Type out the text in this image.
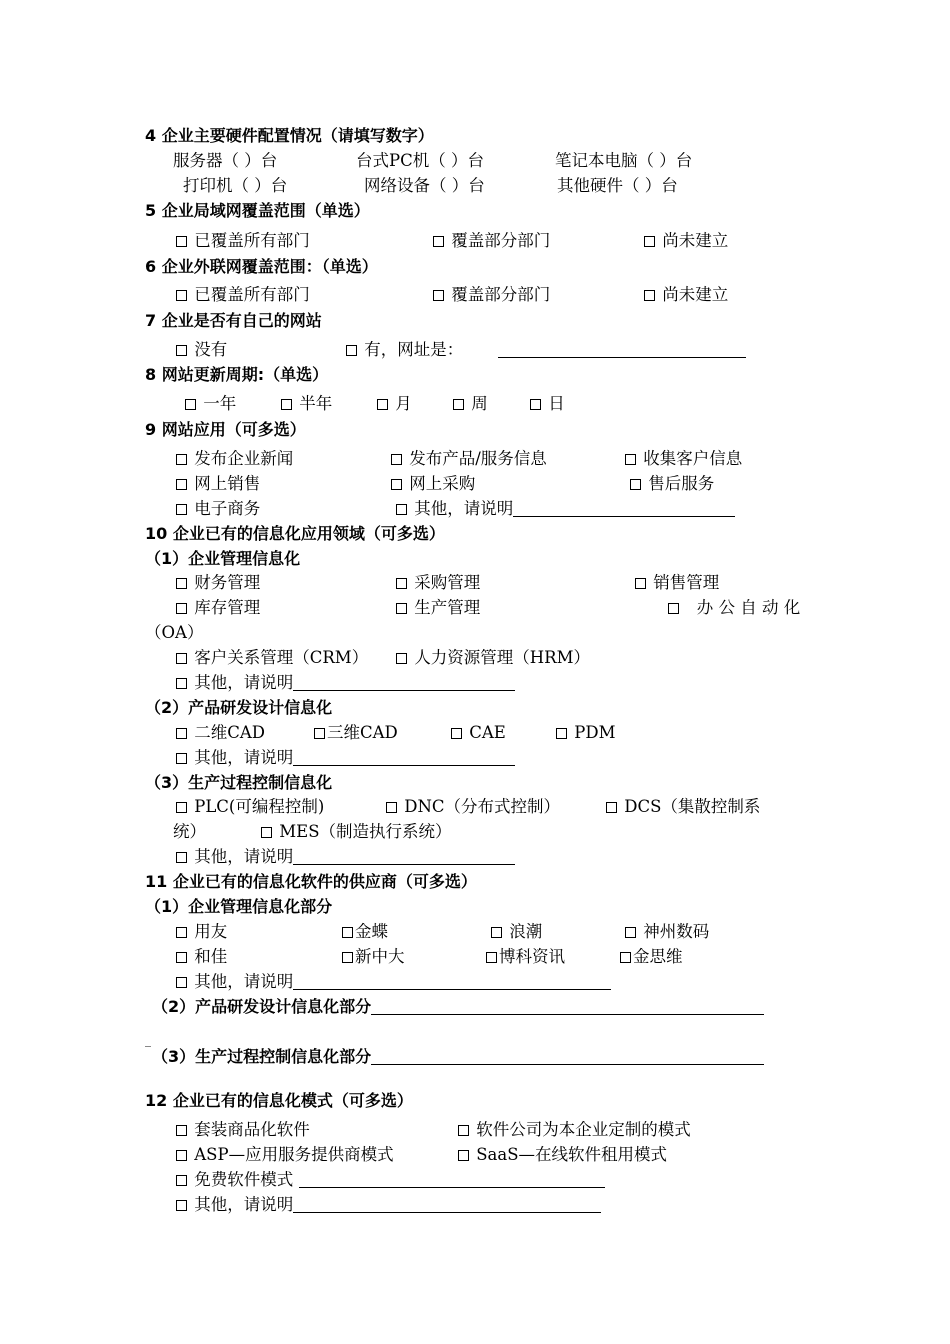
4 企业主要硬件配置情况（请填写数字）
服务器（ ）台	台式PC机（ ）台	笔记本电脑（ ）台
打印机（ ）台	网络设备（ ）台	其他硬件（ ）台
5 企业局域网覆盖范围（单选）
已覆盖所有部门	覆盖部分部门	尚未建立
6 企业外联网覆盖范围：（单选）
已覆盖所有部门	覆盖部分部门	尚未建立
7 企业是否有自己的网站
没有	有，网址是：
8 网站更新周期:（单选）
一年	半年	月	周	日
9 网站应用（可多选）
发布企业新闻	发布产品/服务信息	收集客户信息
网上销售	网上采购	售后服务
电子商务	其他，请说明
10 企业已有的信息化应用领域（可多选）
（1）企业管理信息化
财务管理	采购管理	销售管理
库存管理	生产管理	办 公 自 动 化
（OA）
客户关系管理（CRM）	人力资源管理（HRM）
其他，请说明
（2）产品研发设计信息化
二维CAD	三维CAD	CAE	PDM
其他，请说明
（3）生产过程控制信息化
PLC(可编程控制)	DNC（分布式控制）	DCS（集散控制系
统）	MES（制造执行系统）
其他，请说明
11 企业已有的信息化软件的供应商（可多选）
（1）企业管理信息化部分
用友	金蝶	浪潮	神州数码
和佳	新中大	博科资讯	金思维
其他，请说明
（2）产品研发设计信息化部分
_
（3）生产过程控制信息化部分
12 企业已有的信息化模式（可多选）
套装商品化软件	软件公司为本企业定制的模式
ASP—应用服务提供商模式	SaaS—在线软件租用模式
免费软件模式
其他，请说明
